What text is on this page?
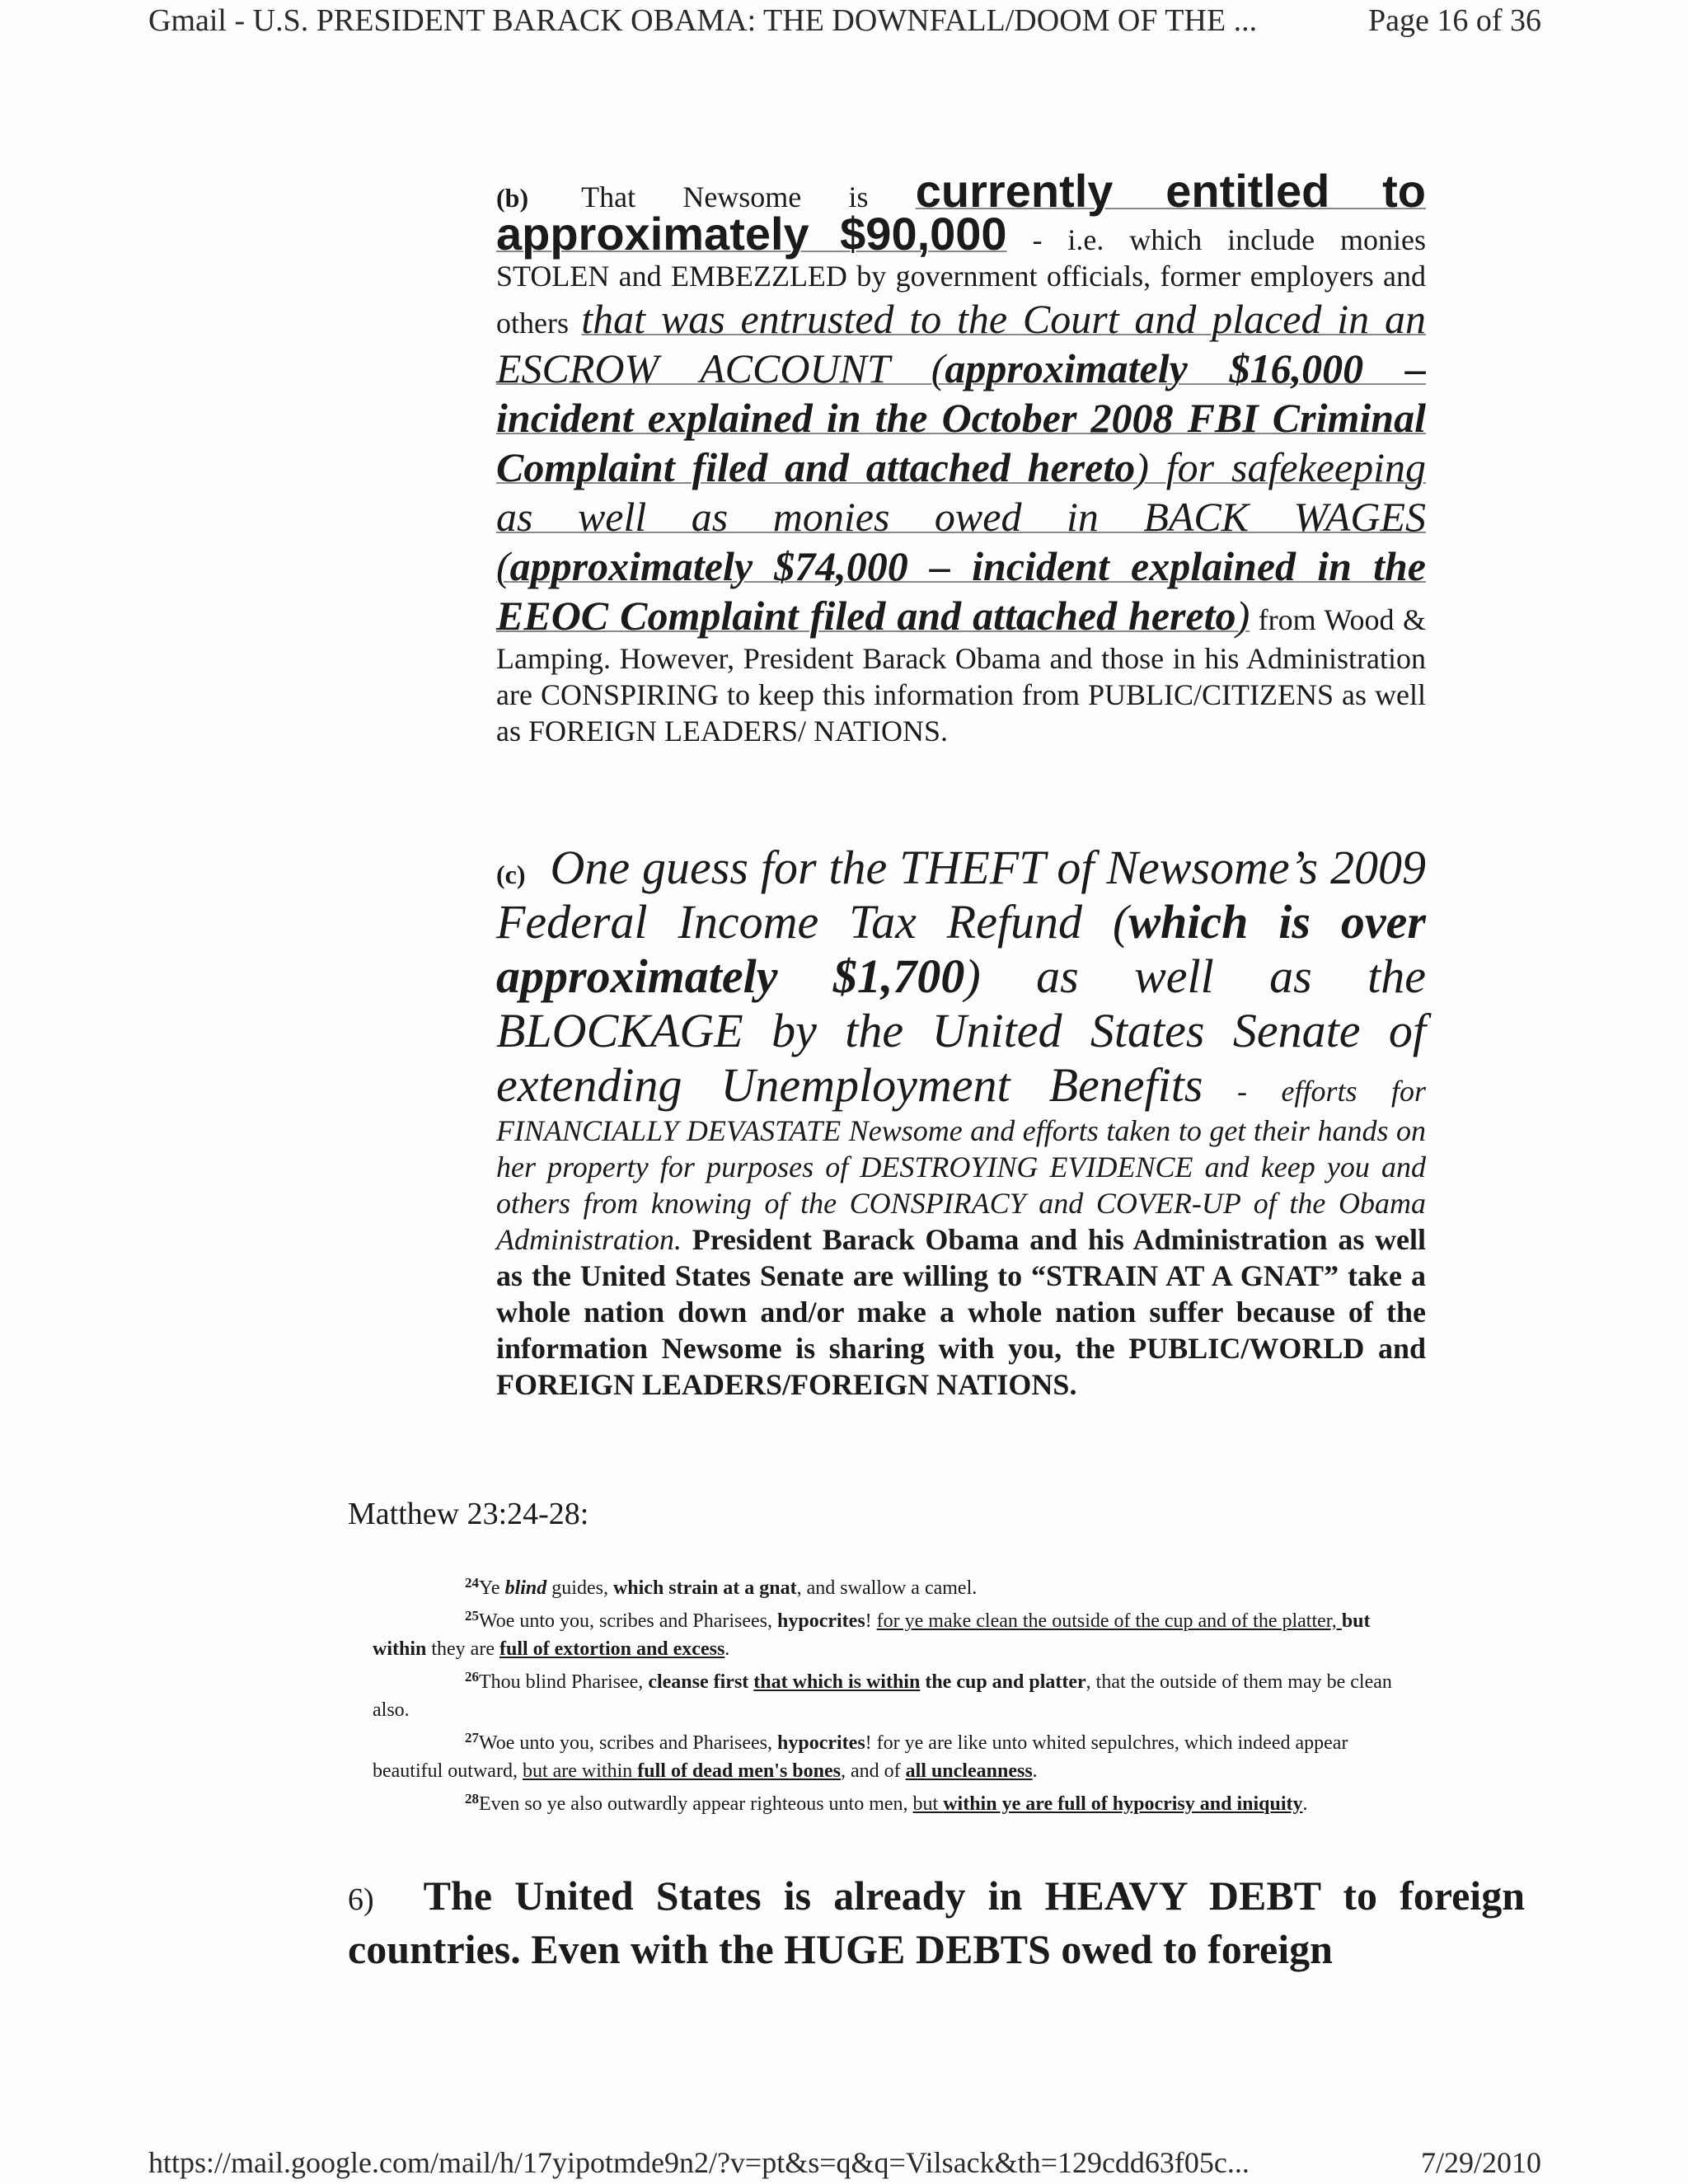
Gmail - U.S. PRESIDENT BARACK OBAMA: THE DOWNFALL/DOOM OF THE ...	Page 16 of 36
(b) That Newsome is currently entitled to approximately $90,000 - i.e. which include monies STOLEN and EMBEZZLED by government officials, former employers and others that was entrusted to the Court and placed in an ESCROW ACCOUNT (approximately $16,000 – incident explained in the October 2008 FBI Criminal Complaint filed and attached hereto) for safekeeping as well as monies owed in BACK WAGES (approximately $74,000 – incident explained in the EEOC Complaint filed and attached hereto) from Wood & Lamping. However, President Barack Obama and those in his Administration are CONSPIRING to keep this information from PUBLIC/CITIZENS as well as FOREIGN LEADERS/ NATIONS.
(c) One guess for the THEFT of Newsome’s 2009 Federal Income Tax Refund (which is over approximately $1,700) as well as the BLOCKAGE by the United States Senate of extending Unemployment Benefits - efforts for FINANCIALLY DEVASTATE Newsome and efforts taken to get their hands on her property for purposes of DESTROYING EVIDENCE and keep you and others from knowing of the CONSPIRACY and COVER-UP of the Obama Administration. President Barack Obama and his Administration as well as the United States Senate are willing to “STRAIN AT A GNAT” take a whole nation down and/or make a whole nation suffer because of the information Newsome is sharing with you, the PUBLIC/WORLD and FOREIGN LEADERS/FOREIGN NATIONS.
Matthew 23:24-28:

$^{24}$Ye blind guides, which strain at a gnat, and swallow a camel.

$^{25}$Woe unto you, scribes and Pharisees, hypocrites! for ye make clean the outside of the cup and of the platter, but within they are full of extortion and excess.

$^{26}$Thou blind Pharisee, cleanse first that which is within the cup and platter, that the outside of them may be clean also.

$^{27}$Woe unto you, scribes and Pharisees, hypocrites! for ye are like unto whited sepulchres, which indeed appear beautiful outward, but are within full of dead men's bones, and of all uncleanness.

$^{28}$Even so ye also outwardly appear righteous unto men, but within ye are full of hypocrisy and iniquity.

6) The United States is already in HEAVY DEBT to foreign countries. Even with the HUGE DEBTS owed to foreign
https://mail.google.com/mail/h/17yipotmde9n2/?v=pt&s=q&q=Vilsack&th=129cdd63f05c...	7/29/2010
